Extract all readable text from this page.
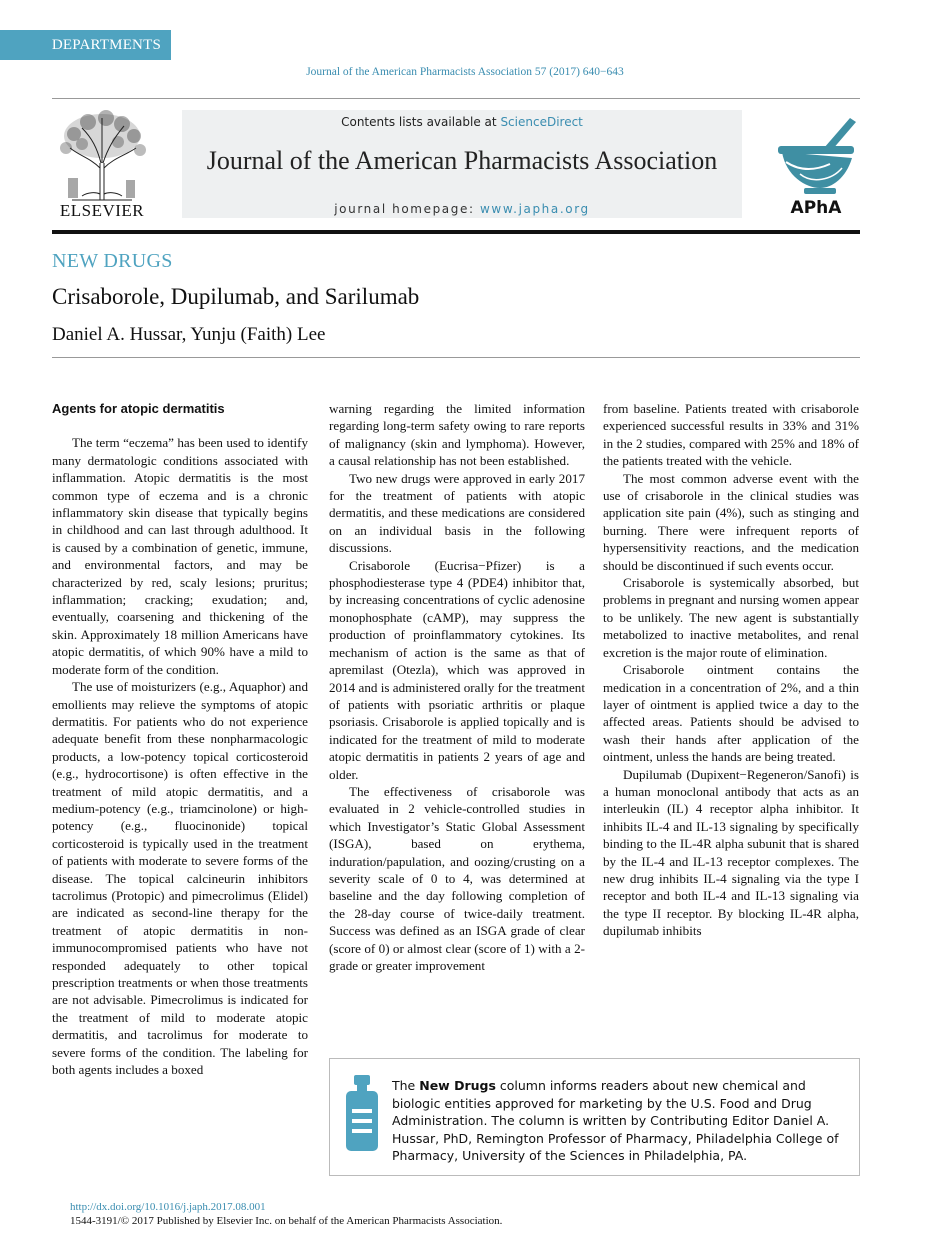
DEPARTMENTS
Journal of the American Pharmacists Association 57 (2017) 640−643
ELSEVIER
Contents lists available at ScienceDirect
Journal of the American Pharmacists Association
journal homepage: www.japha.org	APhA
NEW DRUGS
Crisaborole, Dupilumab, and Sarilumab
Daniel A. Hussar, Yunju (Faith) Lee
Agents for atopic dermatitis

The term “eczema” has been used to identify many dermatologic conditions associated with inflammation. Atopic dermatitis is the most common type of eczema and is a chronic inflammatory skin disease that typically begins in childhood and can last through adulthood. It is caused by a combination of genetic, immune, and environmental factors, and may be characterized by red, scaly lesions; pruritus; inflammation; cracking; exudation; and, eventually, coarsening and thickening of the skin. Approximately 18 million Americans have atopic dermatitis, of which 90% have a mild to moderate form of the condition.

The use of moisturizers (e.g., Aquaphor) and emollients may relieve the symptoms of atopic dermatitis. For patients who do not experience adequate benefit from these nonpharmacologic products, a low-potency topical corticosteroid (e.g., hydrocortisone) is often effective in the treatment of mild atopic dermatitis, and a medium-potency (e.g., triamcinolone) or high-potency (e.g., fluocinonide) topical corticosteroid is typically used in the treatment of patients with moderate to severe forms of the disease. The topical calcineurin inhibitors tacrolimus (Protopic) and pimecrolimus (Elidel) are indicated as second-line therapy for the treatment of atopic dermatitis in non-immunocompromised patients who have not responded adequately to other topical prescription treatments or when those treatments are not advisable. Pimecrolimus is indicated for the treatment of mild to moderate atopic dermatitis, and tacrolimus for moderate to severe forms of the condition. The labeling for both agents includes a boxed

warning regarding the limited information regarding long-term safety owing to rare reports of malignancy (skin and lymphoma). However, a causal relationship has not been established.

Two new drugs were approved in early 2017 for the treatment of patients with atopic dermatitis, and these medications are considered on an individual basis in the following discussions.

Crisaborole (Eucrisa−Pfizer) is a phosphodiesterase type 4 (PDE4) inhibitor that, by increasing concentrations of cyclic adenosine monophosphate (cAMP), may suppress the production of proinflammatory cytokines. Its mechanism of action is the same as that of apremilast (Otezla), which was approved in 2014 and is administered orally for the treatment of patients with psoriatic arthritis or plaque psoriasis. Crisaborole is applied topically and is indicated for the treatment of mild to moderate atopic dermatitis in patients 2 years of age and older.

The effectiveness of crisaborole was evaluated in 2 vehicle-controlled studies in which Investigator’s Static Global Assessment (ISGA), based on erythema, induration/papulation, and oozing/crusting on a severity scale of 0 to 4, was determined at baseline and the day following completion of the 28-day course of twice-daily treatment. Success was defined as an ISGA grade of clear (score of 0) or almost clear (score of 1) with a 2-grade or greater improvement

from baseline. Patients treated with crisaborole experienced successful results in 33% and 31% in the 2 studies, compared with 25% and 18% of the patients treated with the vehicle.

The most common adverse event with the use of crisaborole in the clinical studies was application site pain (4%), such as stinging and burning. There were infrequent reports of hypersensitivity reactions, and the medication should be discontinued if such events occur.

Crisaborole is systemically absorbed, but problems in pregnant and nursing women appear to be unlikely. The new agent is substantially metabolized to inactive metabolites, and renal excretion is the major route of elimination.

Crisaborole ointment contains the medication in a concentration of 2%, and a thin layer of ointment is applied twice a day to the affected areas. Patients should be advised to wash their hands after application of the ointment, unless the hands are being treated.

Dupilumab (Dupixent−Regeneron/Sanofi) is a human monoclonal antibody that acts as an interleukin (IL) 4 receptor alpha inhibitor. It inhibits IL-4 and IL-13 signaling by specifically binding to the IL-4R alpha subunit that is shared by the IL-4 and IL-13 receptor complexes. The new drug inhibits IL-4 signaling via the type I receptor and both IL-4 and IL-13 signaling via the type II receptor. By blocking IL-4R alpha, dupilumab inhibits

The New Drugs column informs readers about new chemical and biologic entities approved for marketing by the U.S. Food and Drug Administration. The column is written by Contributing Editor Daniel A. Hussar, PhD, Remington Professor of Pharmacy, Philadelphia College of Pharmacy, University of the Sciences in Philadelphia, PA.
http://dx.doi.org/10.1016/j.japh.2017.08.001
1544-3191/© 2017 Published by Elsevier Inc. on behalf of the American Pharmacists Association.
